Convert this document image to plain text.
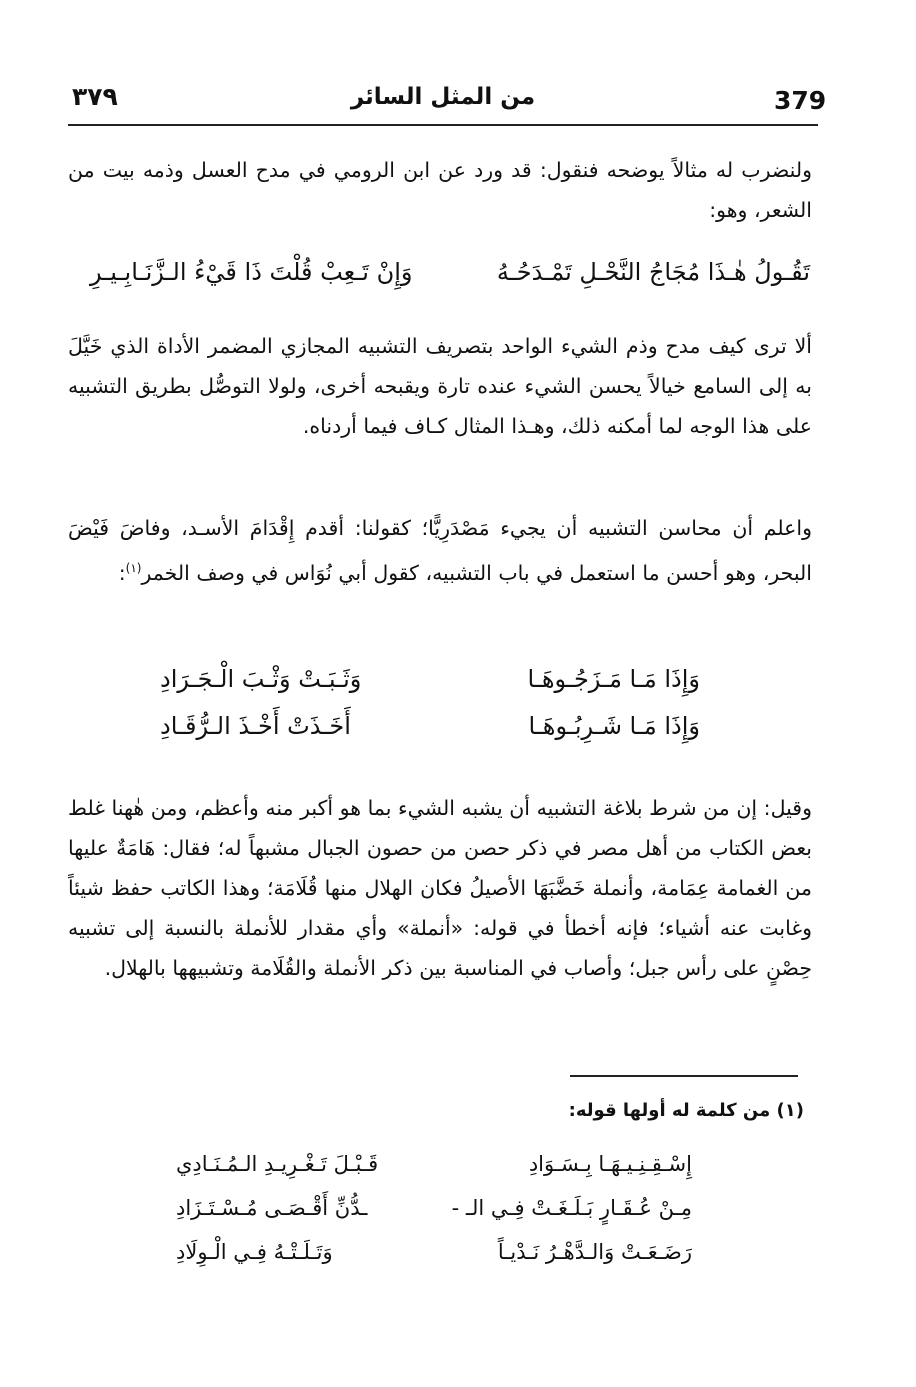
٣٧٩	من المثل السائر	379
ولنضرب له مثالاً يوضحه فنقول: قد ورد عن ابن الرومي في مدح العسل وذمه بيت من الشعر، وهو:
تَقُـولُ هٰـذَا مُجَاجُ النَّحْـلِ تَمْـدَحُـهُ
وَإِنْ تَـعِبْ قُلْتَ ذَا قَيْءُ الـزَّنَـابِـيـرِ
ألا ترى كيف مدح وذم الشيء الواحد بتصريف التشبيه المجازي المضمر الأداة الذي خَيَّلَ به إلى السامع خيالاً يحسن الشيء عنده تارة ويقبحه أخرى، ولولا التوصُّل بطريق التشبيه على هذا الوجه لما أمكنه ذلك، وهـذا المثال كـاف فيما أردناه.
واعلم أن محاسن التشبيه أن يجيء مَصْدَرِيًّا؛ كقولنا: أقدم إِقْدَامَ الأسـد، وفاضَ فَيْضَ البحر، وهو أحسن ما استعمل في باب التشبيه، كقول أبي نُوَاس في وصف الخمر$^{(١)}$:
وَإِذَا مَـا مَـزَجُـوهَـا
وَثَـبَـتْ وَثْـبَ الْـجَـرَادِ
وَإِذَا مَـا شَـرِبُـوهَـا
أَخَـذَتْ أَخْـذَ الـرُّقَـادِ
وقيل: إن من شرط بلاغة التشبيه أن يشبه الشيء بما هو أكبر منه وأعظم، ومن هٰهنا غلط بعض الكتاب من أهل مصر في ذكر حصن من حصون الجبال مشبهاً له؛ فقال: هَامَةٌ عليها من الغمامة عِمَامة، وأنملة خَضَّبَهَا الأصيلُ فكان الهلال منها قُلَامَة؛ وهذا الكاتب حفظ شيئاً وغابت عنه أشياء؛ فإنه أخطأ في قوله: «أنملة» وأي مقدار للأنملة بالنسبة إلى تشبيه حِصْنٍ على رأس جبل؛ وأصاب في المناسبة بين ذكر الأنملة والقُلَامة وتشبيهها بالهلال.
(١) من كلمة له أولها قوله:
إِسْـقِـنِـيـهَـا بِـسَـوَادِ
قَـبْـلَ تَـغْـرِيـدِ الـمُـنَـادِي
مِـنْ عُـقَـارٍ بَـلَـغَـتْ فِـي الـ -
ـدُّنِّ أَقْـصَـى مُـسْـتَـزَادِ
رَضَـعَـتْ وَالـدَّهْـرُ نَـدْيـاً
وَتَـلَـتْـهُ فِـي الْـوِلَادِ
